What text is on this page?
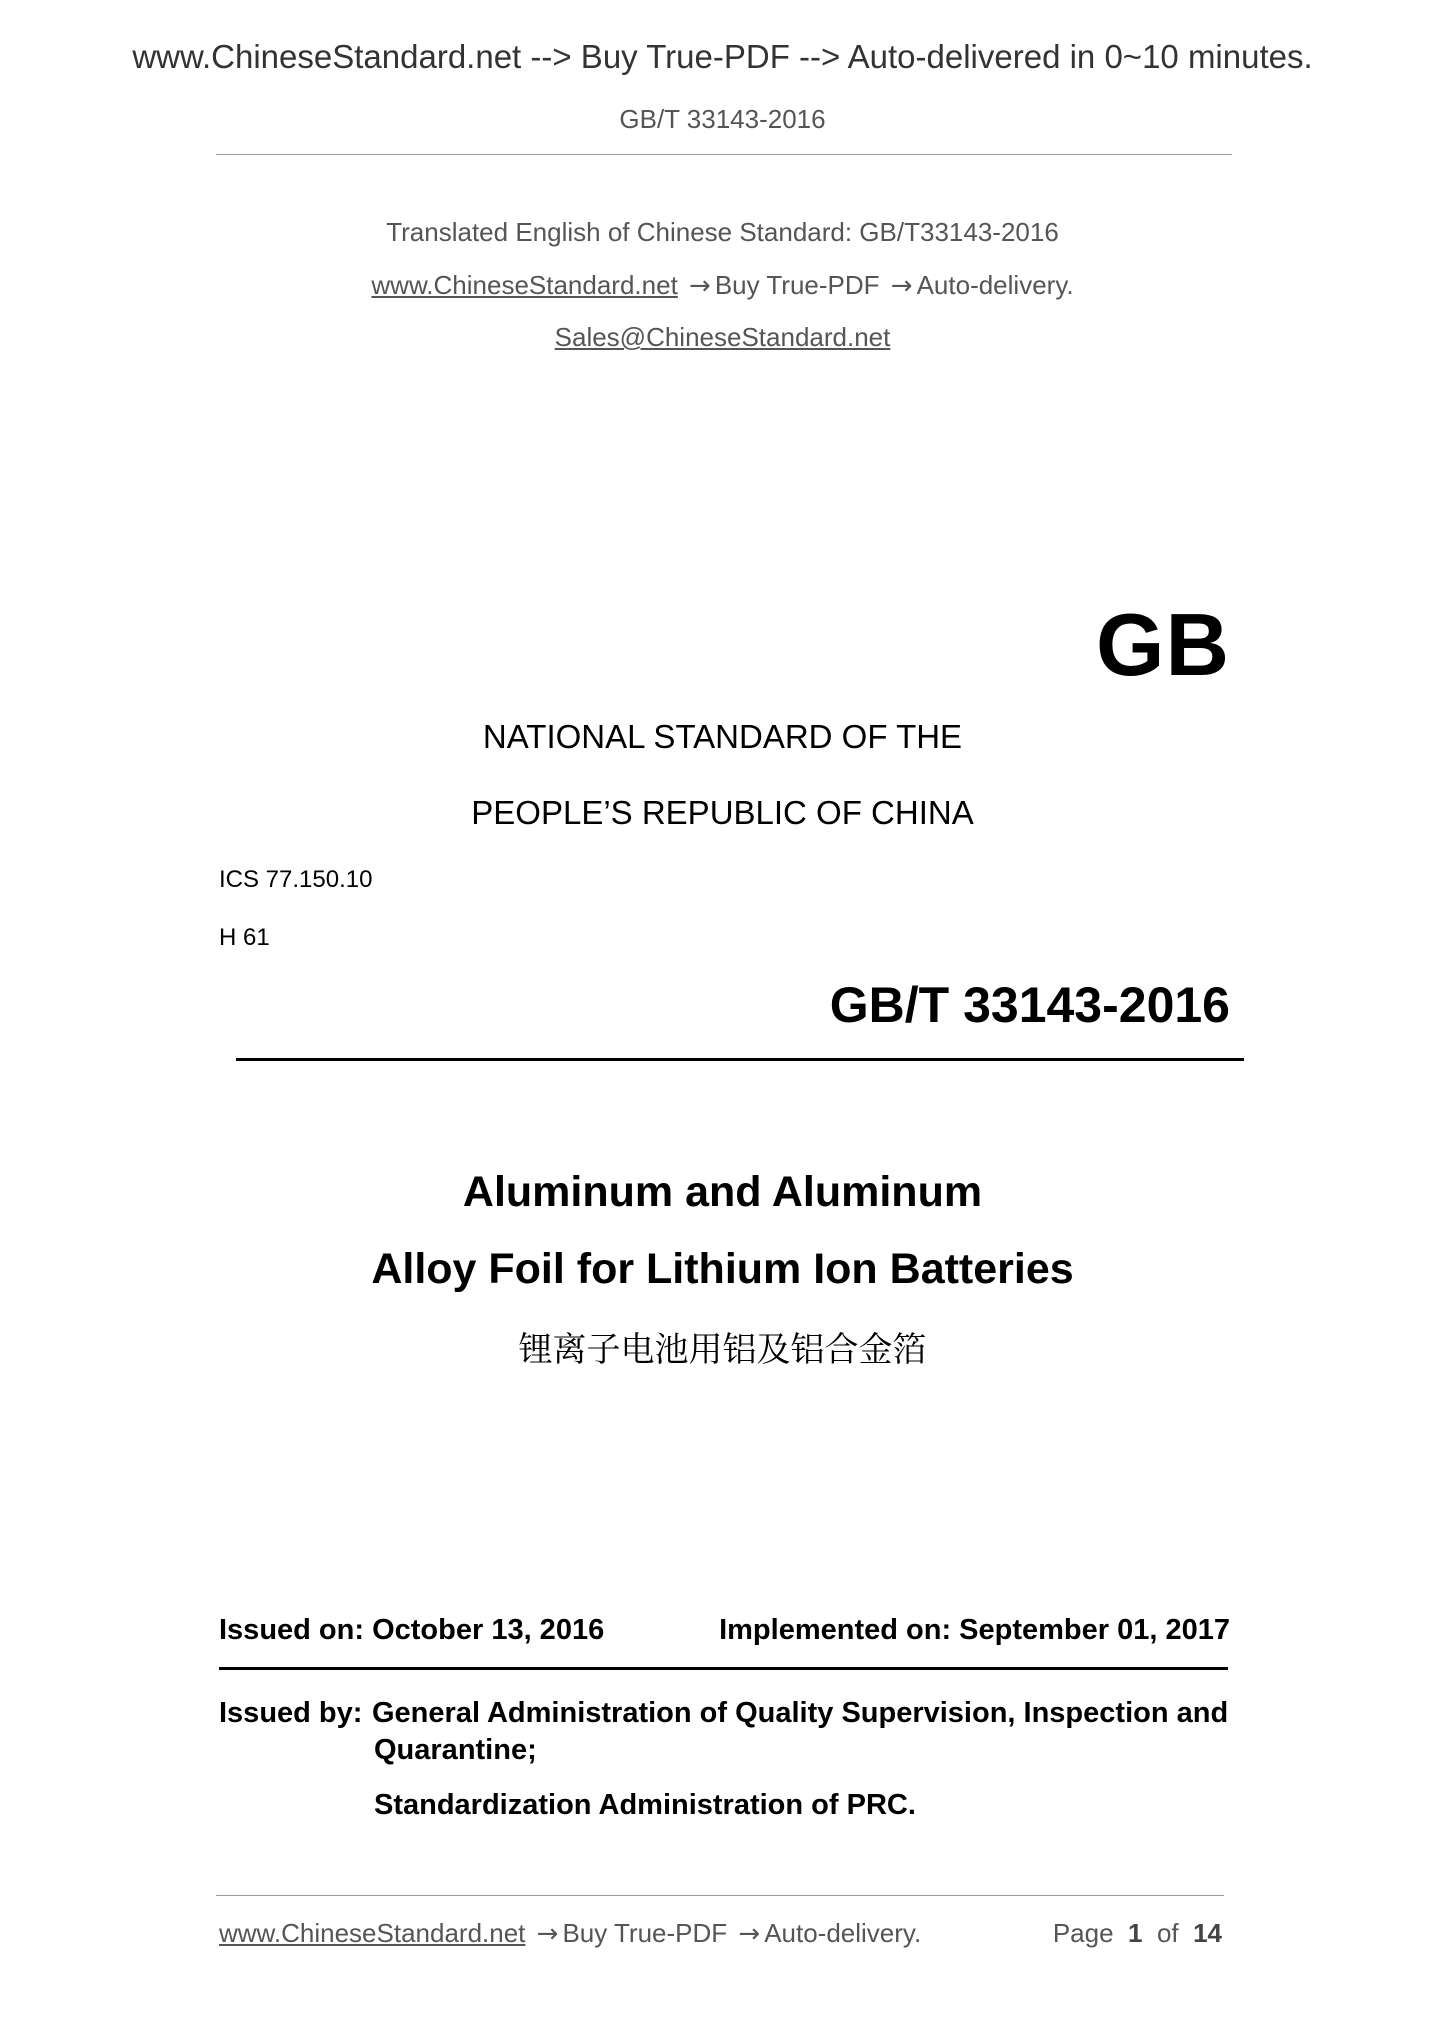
www.ChineseStandard.net --> Buy True-PDF --> Auto-delivered in 0~10 minutes.
GB/T 33143-2016
Translated English of Chinese Standard: GB/T33143-2016
www.ChineseStandard.net → Buy True-PDF → Auto-delivery.
Sales@ChineseStandard.net
GB
NATIONAL STANDARD OF THE
PEOPLE’S REPUBLIC OF CHINA
ICS 77.150.10
H 61
GB/T 33143-2016
Aluminum and Aluminum
Alloy Foil for Lithium Ion Batteries
锂离子电池用铝及铝合金箔
Issued on: October 13, 2016	Implemented on: September 01, 2017
Issued by: General Administration of Quality Supervision, Inspection and
Quarantine;
Standardization Administration of PRC.
www.ChineseStandard.net → Buy True-PDF → Auto-delivery.	Page 1 of 14
